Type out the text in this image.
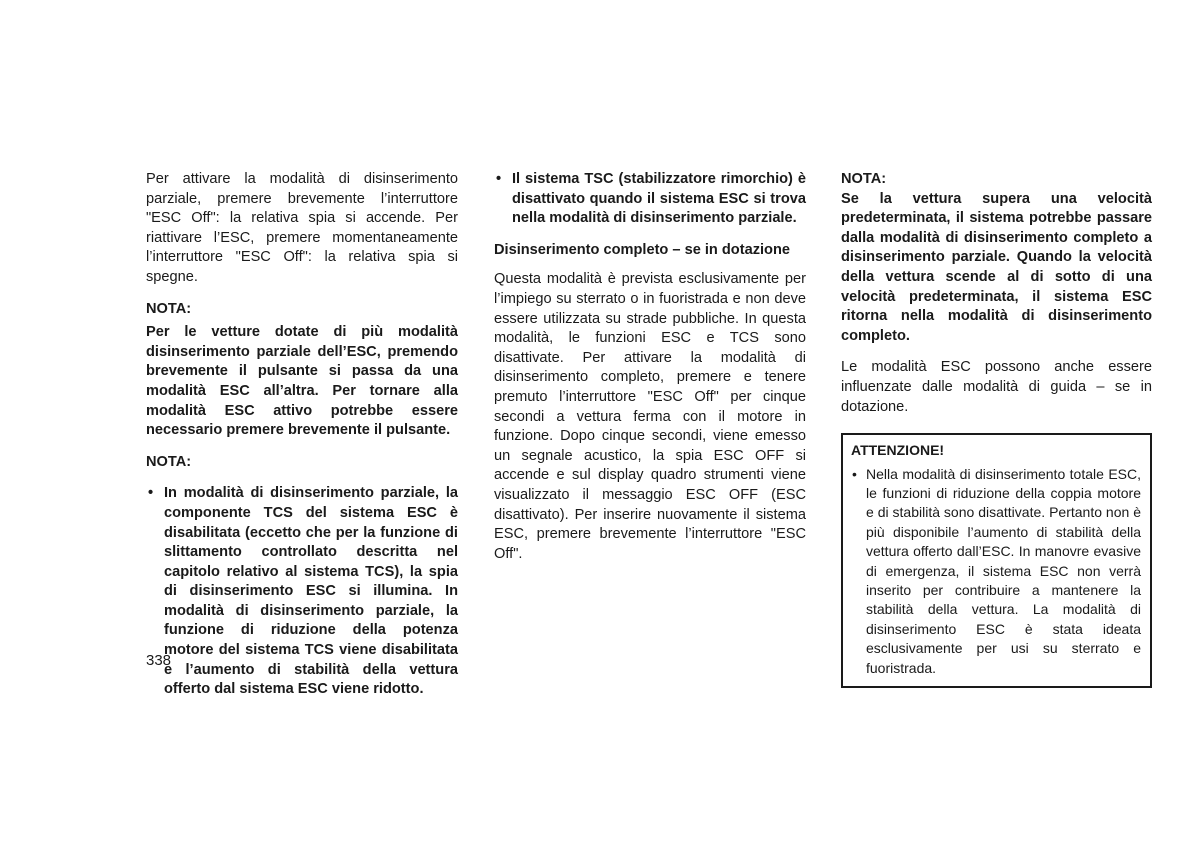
Per attivare la modalità di disinserimento parziale, premere brevemente l’interruttore "ESC Off": la relativa spia si accende. Per riattivare l’ESC, premere momentaneamente l’interruttore "ESC Off": la relativa spia si spegne.

NOTA:

Per le vetture dotate di più modalità disinserimento parziale dell’ESC, premendo brevemente il pulsante si passa da una modalità ESC all’altra. Per tornare alla modalità ESC attivo potrebbe essere necessario premere brevemente il pulsante.

NOTA:

• In modalità di disinserimento parziale, la componente TCS del sistema ESC è disabilitata (eccetto che per la funzione di slittamento controllato descritta nel capitolo relativo al sistema TCS), la spia di disinserimento ESC si illumina. In modalità di disinserimento parziale, la funzione di riduzione della potenza motore del sistema TCS viene disabilitata e l’aumento di stabilità della vettura offerto dal sistema ESC viene ridotto.
• Il sistema TSC (stabilizzatore rimorchio) è disattivato quando il sistema ESC si trova nella modalità di disinserimento parziale.

Disinserimento completo – se in dotazione

Questa modalità è prevista esclusivamente per l’impiego su sterrato o in fuoristrada e non deve essere utilizzata su strade pubbliche. In questa modalità, le funzioni ESC e TCS sono disattivate. Per attivare la modalità di disinserimento completo, premere e tenere premuto l’interruttore "ESC Off" per cinque secondi a vettura ferma con il motore in funzione. Dopo cinque secondi, viene emesso un segnale acustico, la spia ESC OFF si accende e sul display quadro strumenti viene visualizzato il messaggio ESC OFF (ESC disattivato). Per inserire nuovamente il sistema ESC, premere brevemente l’interruttore "ESC Off".

NOTA:

Se la vettura supera una velocità predeterminata, il sistema potrebbe passare dalla modalità di disinserimento completo a disinserimento parziale. Quando la velocità della vettura scende al di sotto di una velocità predeterminata, il sistema ESC ritorna nella modalità di disinserimento completo.

Le modalità ESC possono anche essere influenzate dalle modalità di guida – se in dotazione.

ATTENZIONE!
• Nella modalità di disinserimento totale ESC, le funzioni di riduzione della coppia motore e di stabilità sono disattivate. Pertanto non è più disponibile l’aumento di stabilità della vettura offerto dall’ESC. In manovre evasive di emergenza, il sistema ESC non verrà inserito per contribuire a mantenere la stabilità della vettura. La modalità di disinserimento ESC è stata ideata esclusivamente per usi su sterrato e fuoristrada.
338
